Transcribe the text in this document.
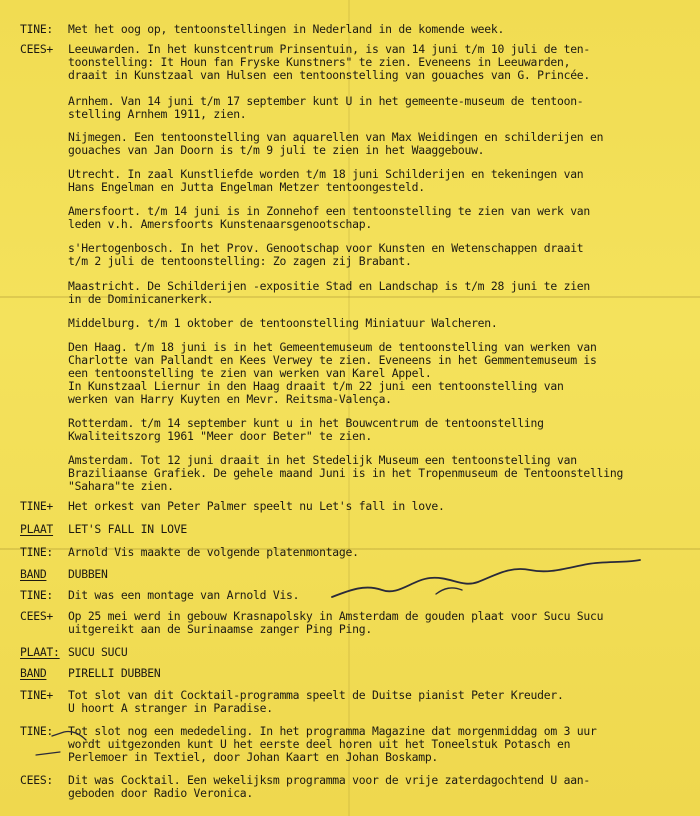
TINE: Met het oog op, tentoonstellingen in Nederland in de komende week.
CEES+ Leeuwarden. In het kunstcentrum Prinsentuin, is van 14 juni t/m 10 juli de ten-
toonstelling: It Houn fan Fryske Kunstners" te zien. Eveneens in Leeuwarden,
draait in Kunstzaal van Hulsen een tentoonstelling van gouaches van G. Princée.
Arnhem. Van 14 juni t/m 17 september kunt U in het gemeente-museum de tentoon-
stelling Arnhem 1911, zien.
Nijmegen. Een tentoonstelling van aquarellen van Max Weidingen en schilderijen en
gouaches van Jan Doorn is t/m 9 juli te zien in het Waaggebouw.
Utrecht. In zaal Kunstliefde worden t/m 18 juni Schilderijen en tekeningen van
Hans Engelman en Jutta Engelman Metzer tentoongesteld.
Amersfoort. t/m 14 juni is in Zonnehof een tentoonstelling te zien van werk van
leden v.h. Amersfoorts Kunstenaarsgenootschap.
s'Hertogenbosch. In het Prov. Genootschap voor Kunsten en Wetenschappen draait
t/m 2 juli de tentoonstelling: Zo zagen zij Brabant.
Maastricht. De Schilderijen -expositie Stad en Landschap is t/m 28 juni te zien
in de Dominicanerkerk.
Middelburg. t/m 1 oktober de tentoonstelling Miniatuur Walcheren.
Den Haag. t/m 18 juni is in het Gemeentemuseum de tentoonstelling van werken van
Charlotte van Pallandt en Kees Verwey te zien. Eveneens in het Gemmentemuseum is
een tentoonstelling te zien van werken van Karel Appel.
In Kunstzaal Liernur in den Haag draait t/m 22 juni een tentoonstelling van
werken van Harry Kuyten en Mevr. Reitsma-Valença.
Rotterdam. t/m 14 september kunt u in het Bouwcentrum de tentoonstelling
Kwaliteitszorg 1961 "Meer door Beter" te zien.
Amsterdam. Tot 12 juni draait in het Stedelijk Museum een tentoonstelling van
Braziliaanse Grafiek. De gehele maand Juni is in het Tropenmuseum de Tentoonstelling
"Sahara"te zien.
TINE+ Het orkest van Peter Palmer speelt nu Let's fall in love.
PLAAT LET'S FALL IN LOVE
TINE: Arnold Vis maakte de volgende platenmontage.
BAND DUBBEN
TINE: Dit was een montage van Arnold Vis.
CEES+ Op 25 mei werd in gebouw Krasnapolsky in Amsterdam de gouden plaat voor Sucu Sucu
uitgereikt aan de Surinaamse zanger Ping Ping.
PLAAT: SUCU SUCU
BAND PIRELLI DUBBEN
TINE+ Tot slot van dit Cocktail-programma speelt de Duitse pianist Peter Kreuder.
U hoort A stranger in Paradise.
TINE: Tot slot nog een mededeling. In het programma Magazine dat morgenmiddag om 3 uur
wordt uitgezonden kunt U het eerste deel horen uit het Toneelstuk Potasch en
Perlemoer in Textiel, door Johan Kaart en Johan Boskamp.
CEES: Dit was Cocktail. Een wekelijksm programma voor de vrije zaterdagochtend U aan-
geboden door Radio Veronica.
